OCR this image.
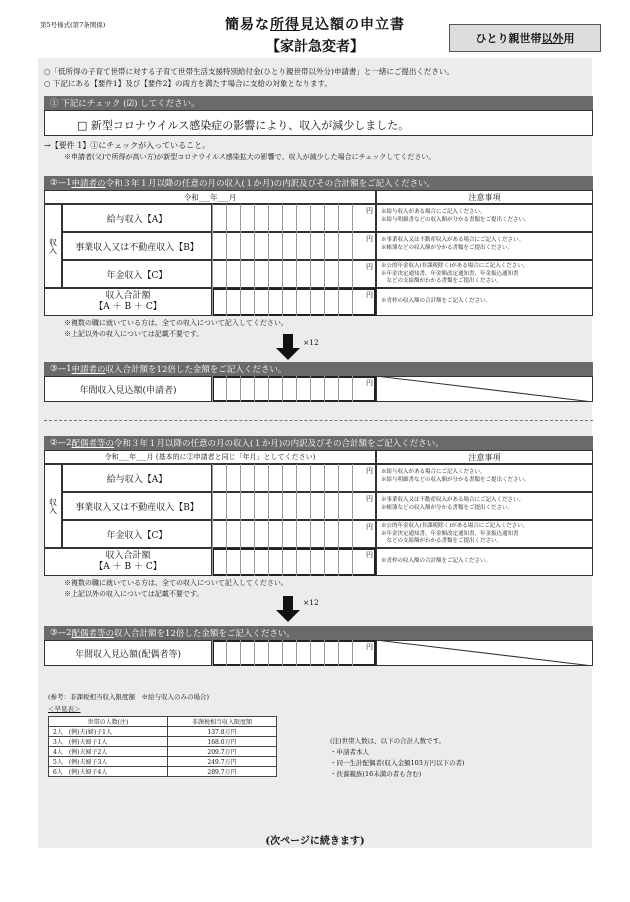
第5号様式(第7条関係)	簡易な所得見込額の申立書
【家計急変者】
ひとり親世帯 以外 用
○「低所得の子育て世帯に対する子育て世帯生活支援特別給付金(ひとり親世帯以外分)申請書」と一緒にご提出ください。
○ 下記にある【要件1】及び【要件2】の両方を満たす場合に支給の対象となります。
① 下記にチェック (☑) してください。
□ 新型コロナウイルス感染症の影響により、収入が減少しました。
→【要件 1】①にチェックが入っていること。
※申請者(父)で所得が高い方)が新型コロナウイルス感染拡大の影響で、収入が減少した場合にチェックしてください。
②—1 申請者の 令和３年１月以降の任意の月の収入(１か月)の内訳及びその合計額をご記入ください。
令和___年___月	注意事項
収入
給与収入【A】
円 ※給与収入がある場合にご記入ください。
※給与明細書などの収入額が分かる書類をご提出ください。
事業収入又は不動産収入【B】
円 ※事業収入又は不動産収入がある場合にご記入ください。
※帳簿などの収入額が分かる書類をご提出ください。
年金収入【C】
円 ※公的年金収入(非課税除く)がある場合にご記入ください。
※年金決定通知書、年金額改定通知書、年金振込通知書
　などの支給額がわかる書類をご提出ください。
収入合計額
【A ＋ B ＋ C】
円
※青枠の収入額の合計額をご記入ください。
※複数の職に就いている方は、全ての収入について記入してください。
※上記以外の収入については記載不要です。
×12
③—1 申請者の 収入合計額を12倍した金額をご記入ください。
年間収入見込額(申請者)
円
②—2 配偶者等の 令和３年１月以降の任意の月の収入(１か月)の内訳及びその合計額をご記入ください。
令和___年___月 (基本的に②申請者と同じ「年月」としてください)	注意事項
収入
給与収入【A】
円 ※給与収入がある場合にご記入ください。
※給与明細書などの収入額が分かる書類をご提出ください。
事業収入又は不動産収入【B】
円 ※事業収入又は不動産収入がある場合にご記入ください。
※帳簿などの収入額が分かる書類をご提出ください。
年金収入【C】
円 ※公的年金収入(非課税除く)がある場合にご記入ください。
※年金決定通知書、年金額改定通知書、年金振込通知書
　などの支給額がわかる書類をご提出ください。
収入合計額
【A ＋ B ＋ C】
円
※青枠の収入額の合計額をご記入ください。
※複数の職に就いている方は、全ての収入について記入してください。
※上記以外の収入については記載不要です。
×12
③—2 配偶者等の 収入合計額を12倍した金額をご記入ください。
年間収入見込額(配偶者等)
円
(参考：非課税相当収入限度額　※給与収入のみの場合)
＜早見表＞
世帯の人数(注)	非課税相当収入限度額
2人　(例)夫(婦)子1人	137.8万円
3人　(例)夫婦子1人	168.0万円
4人　(例)夫婦子2人	209.7万円
5人　(例)夫婦子3人	249.7万円
6人　(例)夫婦子4人	289.7万円
(注)世帯人数は、以下の合計人数です。
・申請者本人
・同一生計配偶者(収入金額103万円以下の者)
・扶養親族(16未満の者も含む)
(次ページに続きます)
